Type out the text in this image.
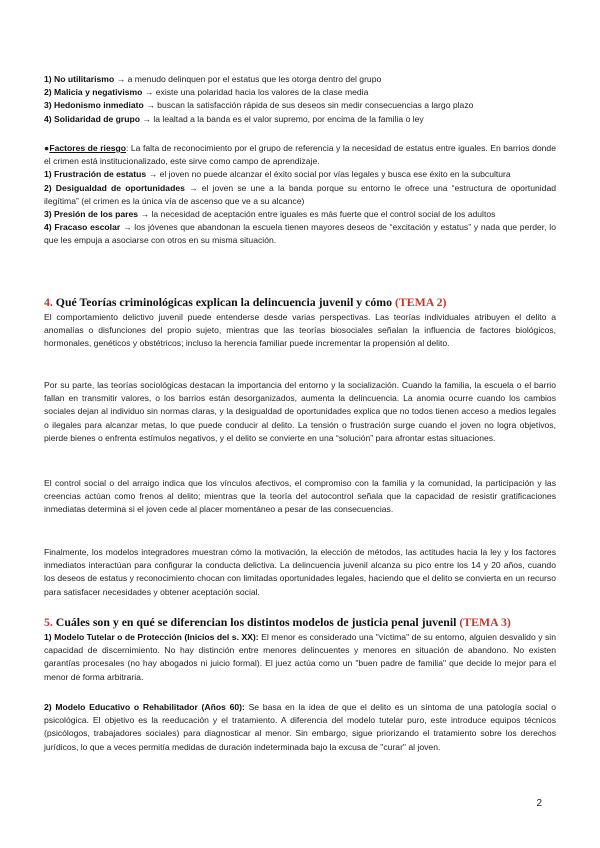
1) No utilitarismo → a menudo delinquen por el estatus que les otorga dentro del grupo

2) Malicia y negativismo → existe una polaridad hacia los valores de la clase media

3) Hedonismo inmediato → buscan la satisfacción rápida de sus deseos sin medir consecuencias a largo plazo

4) Solidaridad de grupo → la lealtad a la banda es el valor supremo, por encima de la familia o ley

●Factores de riesgo: La falta de reconocimiento por el grupo de referencia y la necesidad de estatus entre iguales. En barrios donde el crimen está institucionalizado, este sirve como campo de aprendizaje.

1) Frustración de estatus → el joven no puede alcanzar el éxito social por vías legales y busca ese éxito en la subcultura

2) Desigualdad de oportunidades → el joven se une a la banda porque su entorno le ofrece una “estructura de oportunidad ilegítima” (el crimen es la única vía de ascenso que ve a su alcance)

3) Presión de los pares → la necesidad de aceptación entre iguales es más fuerte que el control social de los adultos

4) Fracaso escolar → los jóvenes que abandonan la escuela tienen mayores deseos de “excitación y estatus” y nada que perder, lo que les empuja a asociarse con otros en su misma situación.

4. Qué Teorías criminológicas explican la delincuencia juvenil y cómo (TEMA 2)

El comportamiento delictivo juvenil puede entenderse desde varias perspectivas. Las teorías individuales atribuyen el delito a anomalías o disfunciones del propio sujeto, mientras que las teorías biosociales señalan la influencia de factores biológicos, hormonales, genéticos y obstétricos; incluso la herencia familiar puede incrementar la propensión al delito.

Por su parte, las teorías sociológicas destacan la importancia del entorno y la socialización. Cuando la familia, la escuela o el barrio fallan en transmitir valores, o los barrios están desorganizados, aumenta la delincuencia. La anomia ocurre cuando los cambios sociales dejan al individuo sin normas claras, y la desigualdad de oportunidades explica que no todos tienen acceso a medios legales o ilegales para alcanzar metas, lo que puede conducir al delito. La tensión o frustración surge cuando el joven no logra objetivos, pierde bienes o enfrenta estímulos negativos, y el delito se convierte en una “solución” para afrontar estas situaciones.

El control social o del arraigo indica que los vínculos afectivos, el compromiso con la familia y la comunidad, la participación y las creencias actúan como frenos al delito; mientras que la teoría del autocontrol señala que la capacidad de resistir gratificaciones inmediatas determina si el joven cede al placer momentáneo a pesar de las consecuencias.

Finalmente, los modelos integradores muestran cómo la motivación, la elección de métodos, las actitudes hacia la ley y los factores inmediatos interactúan para configurar la conducta delictiva. La delincuencia juvenil alcanza su pico entre los 14 y 20 años, cuando los deseos de estatus y reconocimiento chocan con limitadas oportunidades legales, haciendo que el delito se convierta en un recurso para satisfacer necesidades y obtener aceptación social.

5. Cuáles son y en qué se diferencian los distintos modelos de justicia penal juvenil (TEMA 3)

1) Modelo Tutelar o de Protección (Inicios del s. XX): El menor es considerado una "víctima" de su entorno, alguien desvalido y sin capacidad de discernimiento. No hay distinción entre menores delincuentes y menores en situación de abandono. No existen garantías procesales (no hay abogados ni juicio formal). El juez actúa como un "buen padre de familia" que decide lo mejor para el menor de forma arbitraria.

2) Modelo Educativo o Rehabilitador (Años 60): Se basa en la idea de que el delito es un síntoma de una patología social o psicológica. El objetivo es la reeducación y el tratamiento. A diferencia del modelo tutelar puro, este introduce equipos técnicos (psicólogos, trabajadores sociales) para diagnosticar al menor. Sin embargo, sigue priorizando el tratamiento sobre los derechos jurídicos, lo que a veces permitía medidas de duración indeterminada bajo la excusa de "curar" al joven.

2
